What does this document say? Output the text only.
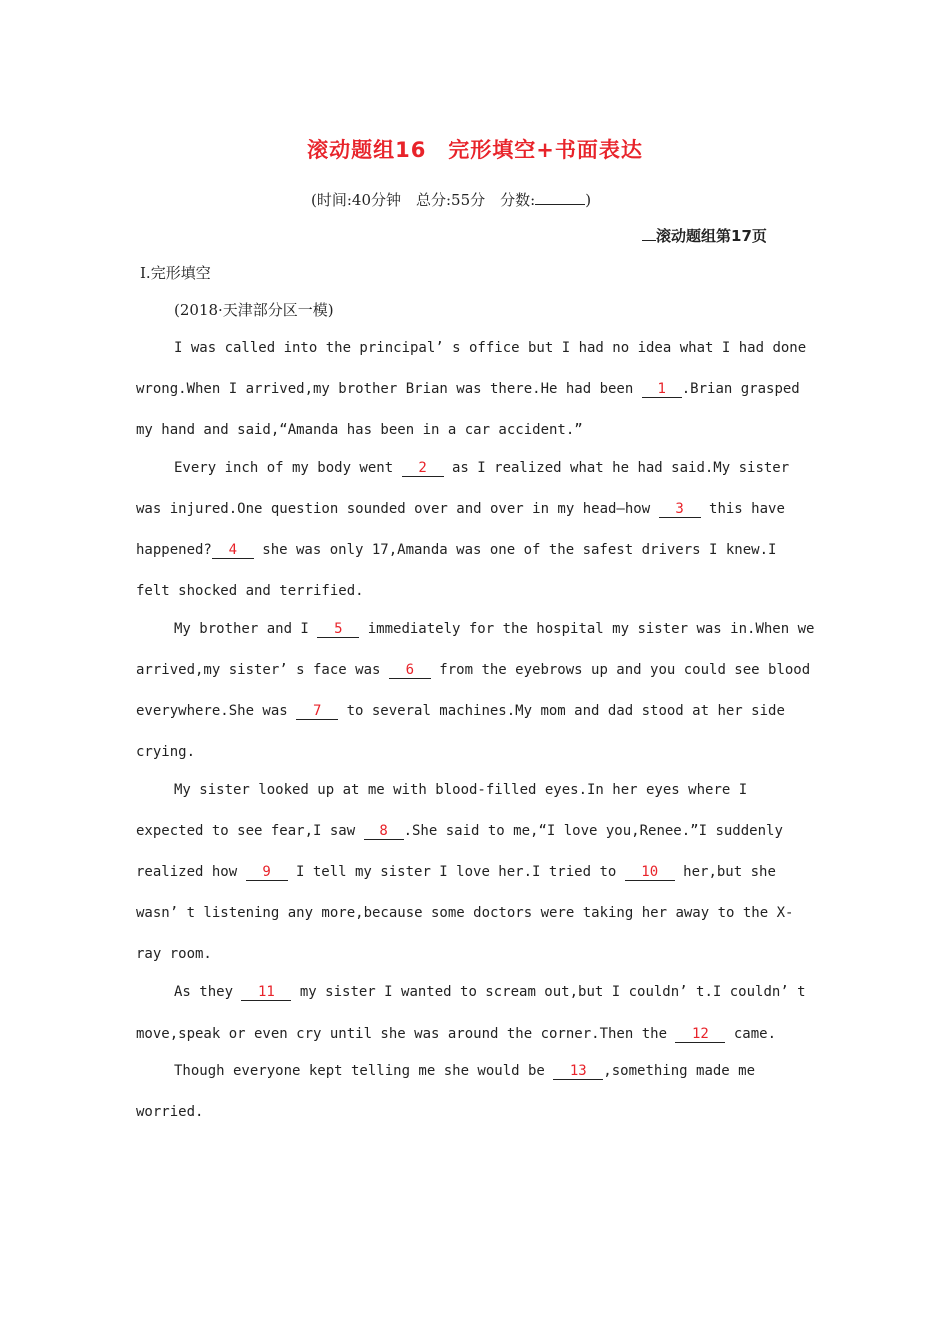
滚动题组16　完形填空+书面表达
(时间:40分钟　总分:55分　分数:	)
滚动题组第17页
Ⅰ.完形填空
(2018·天津部分区一模)
I was called into the principal’ s office but I had no idea what I had done
wrong.When I arrived,my brother Brian was there.He had been 1 .Brian grasped
my hand and said,“Amanda has been in a car accident.”
Every inch of my body went 2 as I realized what he had said.My sister
was injured.One question sounded over and over in my head—how 3 this have
happened? 4 she was only 17,Amanda was one of the safest drivers I knew.I
felt shocked and terrified.
My brother and I 5 immediately for the hospital my sister was in.When we
arrived,my sister’ s face was 6 from the eyebrows up and you could see blood
everywhere.She was 7 to several machines.My mom and dad stood at her side
crying.
My sister looked up at me with blood-filled eyes.In her eyes where I
expected to see fear,I saw 8 .She said to me,“I love you,Renee.”I suddenly
realized how 9 I tell my sister I love her.I tried to 10 her,but she
wasn’ t listening any more,because some doctors were taking her away to the X-
ray room.
As they 11 my sister I wanted to scream out,but I couldn’ t.I couldn’ t
move,speak or even cry until she was around the corner.Then the 12 came.
Though everyone kept telling me she would be 13 ,something made me
worried.
